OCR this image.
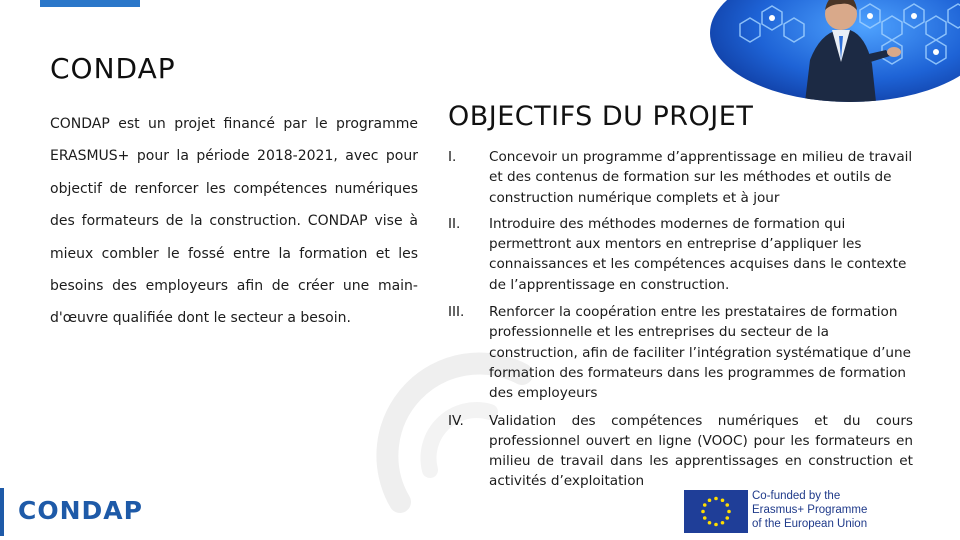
CONDAP
CONDAP est un projet financé par le programme ERASMUS+ pour la période 2018-2021, avec pour objectif de renforcer les compétences numériques des formateurs de la construction. CONDAP vise à mieux combler le fossé entre la formation et les besoins des employeurs afin de créer une main-d'œuvre qualifiée dont le secteur a besoin.
OBJECTIFS DU PROJET
I.	Concevoir un programme d’apprentissage en milieu de travail et des contenus de formation sur les méthodes et outils de construction numérique complets et à jour
II.	Introduire des méthodes modernes de formation qui permettront aux mentors en entreprise d’appliquer les connaissances et les compétences acquises dans le contexte de l’apprentissage en construction.
III.	Renforcer la coopération entre les prestataires de formation professionnelle et les entreprises du secteur de la construction, afin de faciliter l’intégration systématique d’une formation des formateurs dans les programmes de formation des employeurs
IV.	Validation des compétences numériques et du cours professionnel ouvert en ligne (VOOC) pour les formateurs en milieu de travail dans les apprentissages en construction et activités d’exploitation
CONDAP	Co-funded by the
Erasmus+ Programme
of the European Union
